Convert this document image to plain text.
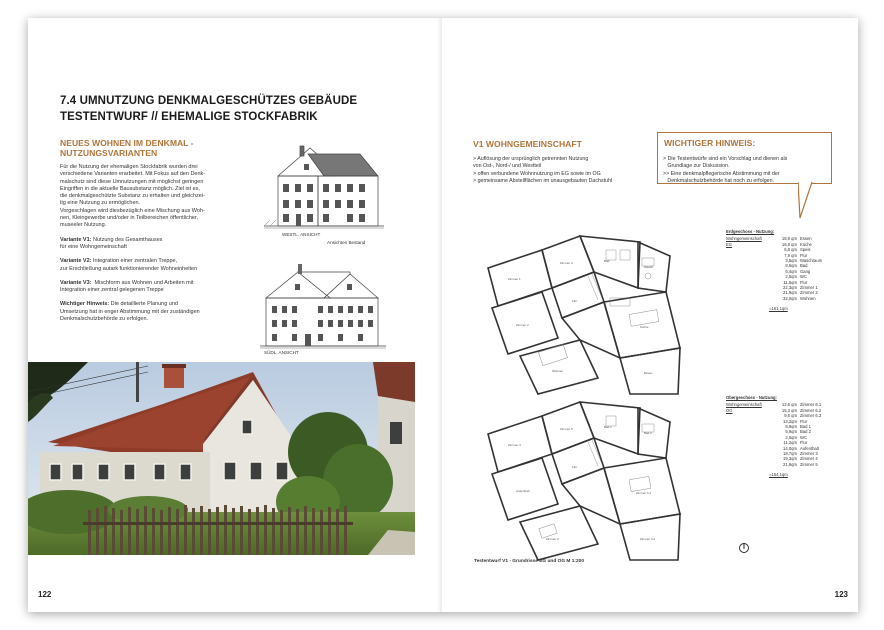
7.4 UMNUTZUNG DENKMALGESCHÜTZES GEBÄUDE
TESTENTWURF // EHEMALIGE STOCKFABRIK
NEUES WOHNEN IM DENKMAL -
NUTZUNGSVARIANTEN

Für die Nutzung der ehemaligen Stockfabrik wurden drei
verschiedene Varianten erarbeitet. Mit Fokus auf den Denk-
malschutz sind diese Umnutzungen mit möglichst geringen
Eingriffen in die aktuelle Bausubstanz möglich. Ziel ist es,
die denkmalgeschützte Substanz zu erhalten und gleichzei-
tig eine Nutzung zu ermöglichen.
Vorgeschlagen wird diesbezüglich eine Mischung aus Woh-
nen, Kleingewerbe und/oder in Teilbereichen öffentlicher,
museeler Nutzung.

Variante V1: Nutzung des Gesamthauses
für eine Wohngemeinschaft

Variante V2: Integration einer zentralen Treppe,
zur Erschließung autark funktionierender Wohneinheiten

Variante V3:  Mischform aus Wohnen und Arbeiten mit
Integration einer zentral gelegenen Treppe

Wichtiger Hinweis: Die detaillierte Planung und
Umsetzung hat in enger Abstimmung mit der zuständigen
Denkmalschutzbehörde zu erfolgen.

WESTL. ANSICHT
Ansichten Bestand
SÜDL. ANSICHT
122
V1 WOHNGEMEINSCHAFT
> Auflösung der ursprünglich getrennten Nutzung
von Ost-, Nord-/ und Westteil
> offen verbundene Wohnnutzung im EG sowie im OG
> gemeinsame Abstellflächen im unausgebauten Dachstuhl
WICHTIGER HINWEIS:
> Die Testentwürfe sind ein Vorschlag und dienen als
Grundlage zur Diskussion.
>> Eine denkmalpflegerische Abstimmung mit der
Denkmalschutzbehörde hat noch zu erfolgen.
Zimmer 1
Zimmer 2
Zimmer 3	Bad
Wasch
Flur
Küche
Essen
Wohnen
Zimmer 4
Aufenthalt
Zimmer 5	Bad 1
Bad 2
Flur
Zimmer 6.1
Zimmer 6.2
Zimmer 3
Erdgeschoss - Nutzung:
Wohngemeinschaft	18,9 qm Essen
EG	16,8 qm Küche
6,8 qm Speis
7,9 qm Flur
3,5qm Waschraum
8,6qm Bad
6,4qm Gang
2,5qm WC
11,5qm Flur
22,3qm Zimmer 1
21,9qm Zimmer 2
32,0qm Wohnen
=161,1qm
Obergeschoss - Nutzung:
Wohngemeinschaft	12,6 qm Zimmer 6.1
OG	15,3 qm Zimmer 6.2
9,6 qm Zimmer 6.3
13,2qm Flur
8,9qm Bad 1
5,9qm Bad 2
2,5qm WC
11,2qm Flur
14,0qm Aufenthalt
18,7qm Zimmer 3
19,3qm Zimmer 4
21,9qm Zimmer 5
=154,1qm
Testentwurf V1 - Grundrisse EG und OG M 1:200
123
